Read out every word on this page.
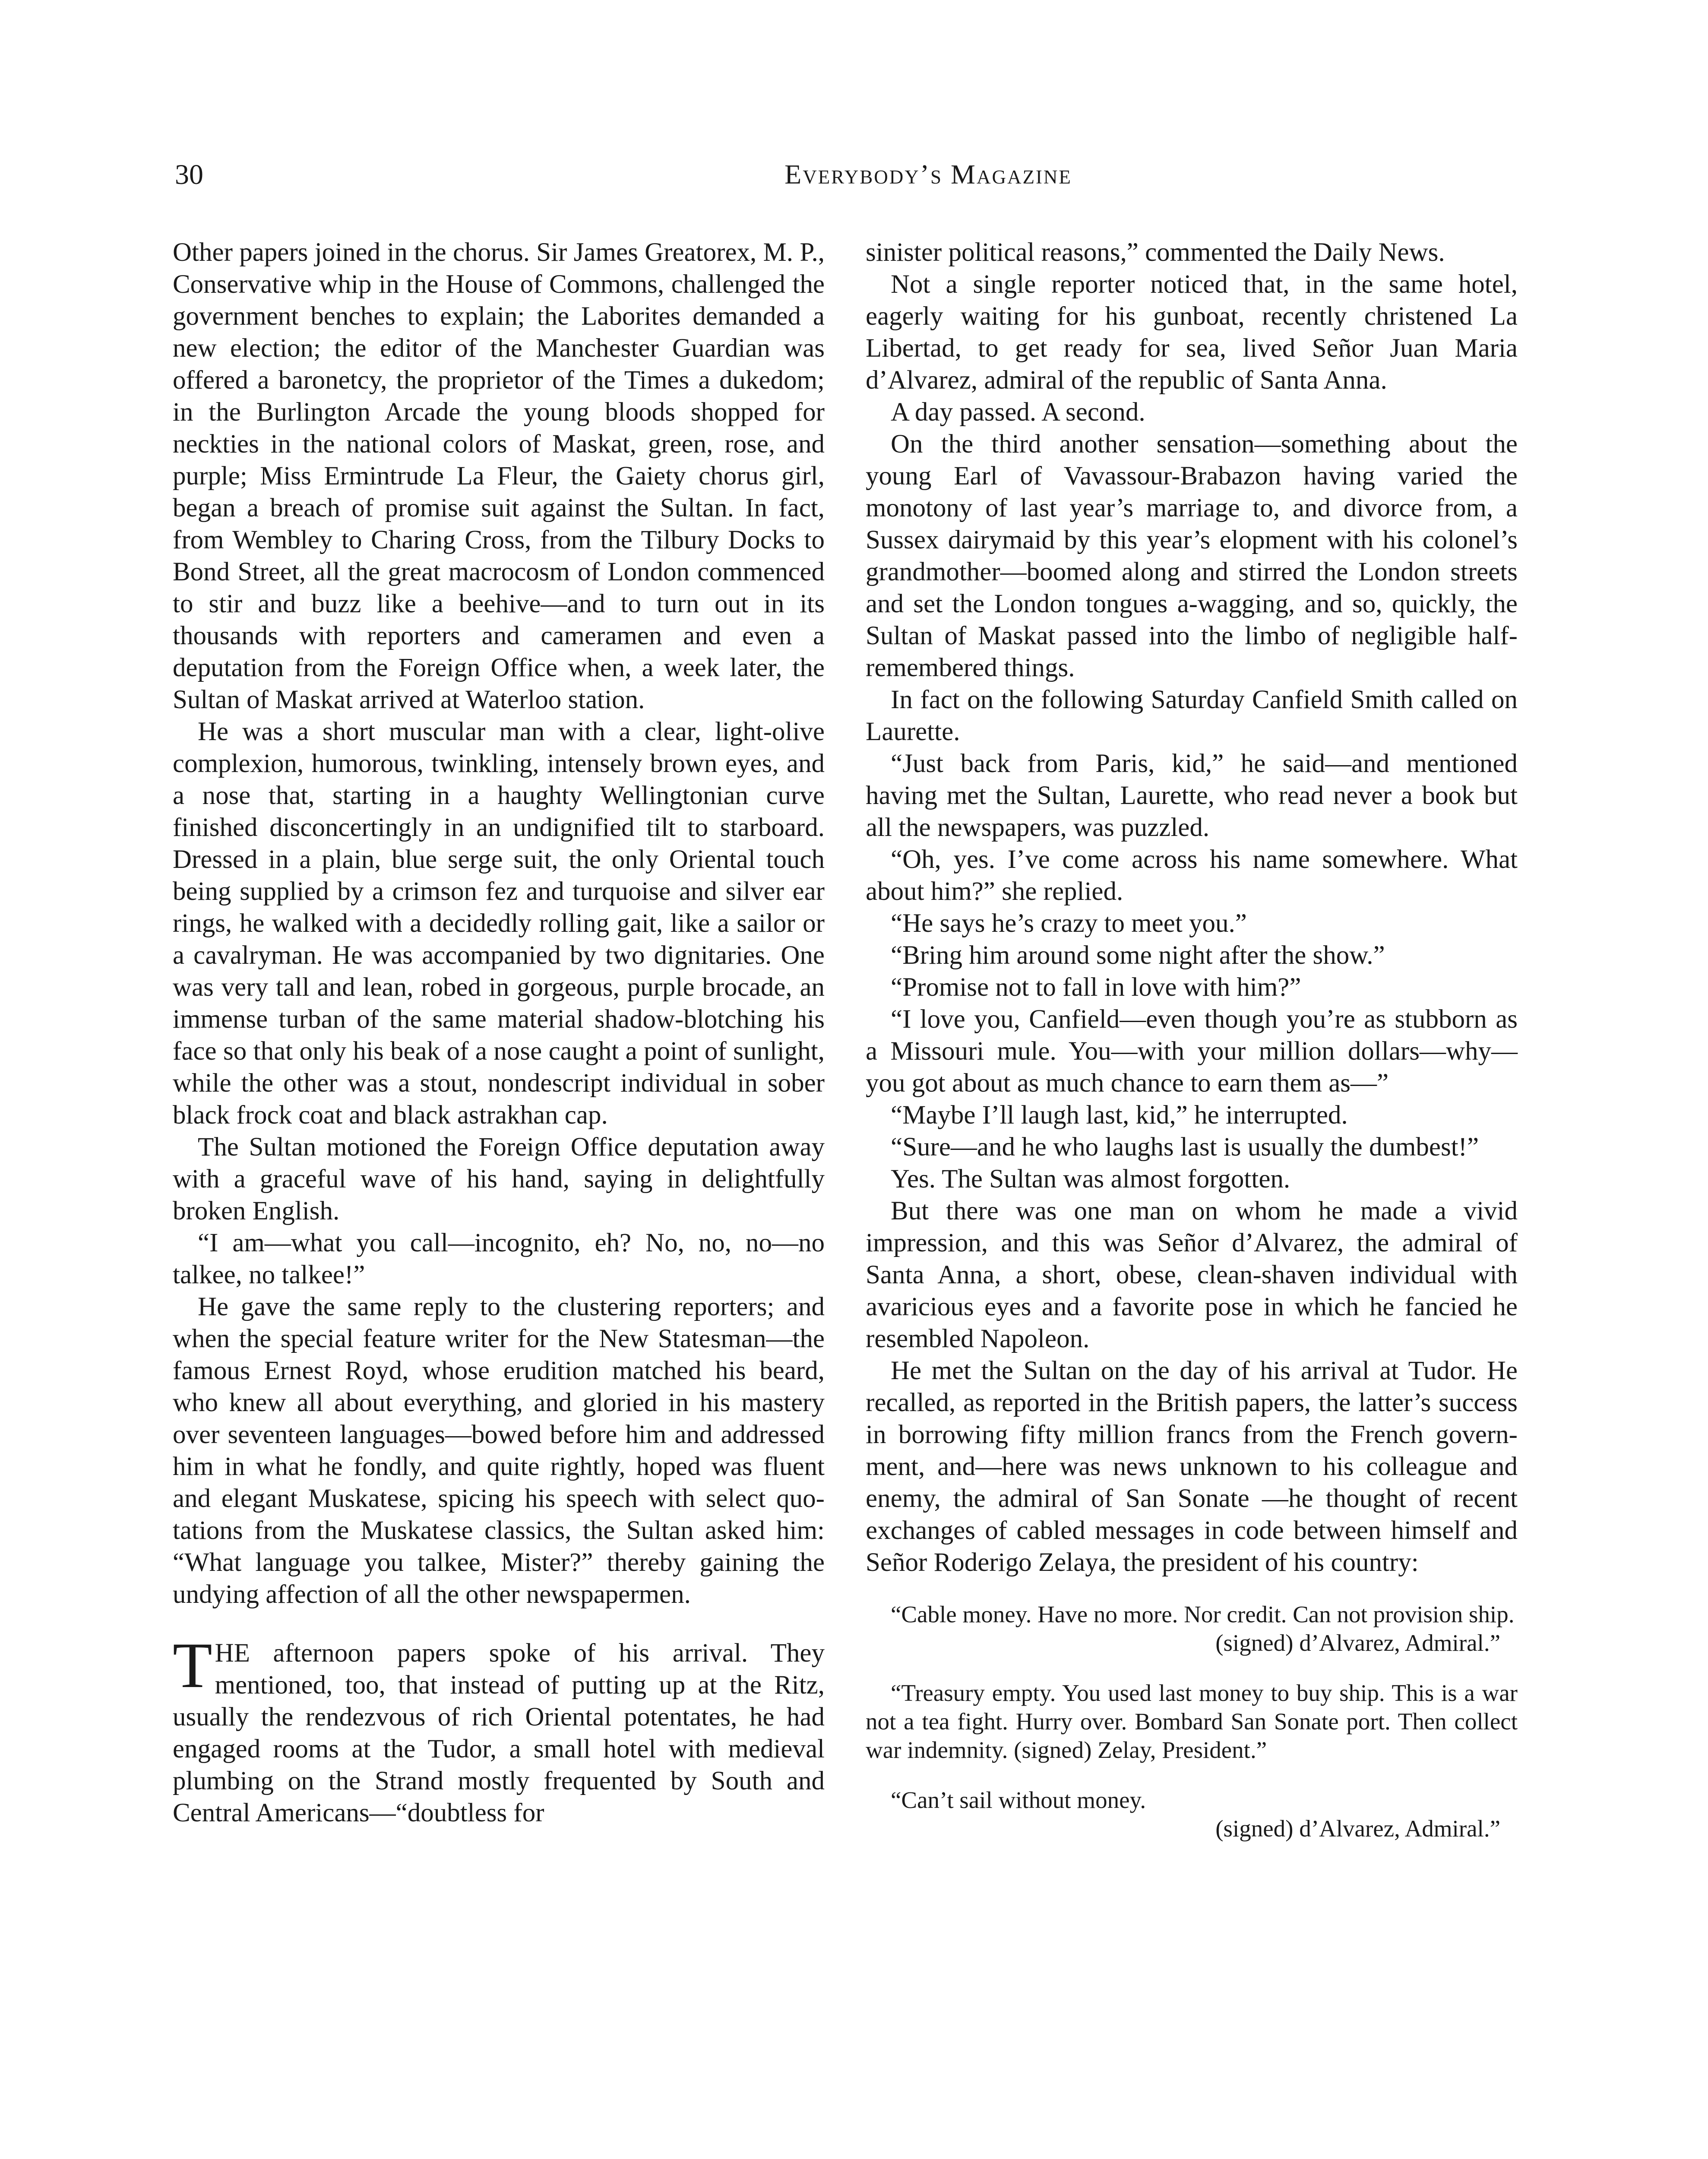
30	Everybody’s Magazine

Other papers joined in the chorus. Sir James Greatorex, M. P., Conservative whip in the House of Commons, challenged the government benches to explain; the Laborites demanded a new election; the editor of the Manchester Guardian was offered a baronetcy, the proprietor of the Times a dukedom; in the Burlington Arcade the young bloods shopped for neckties in the national colors of Maskat, green, rose, and purple; Miss Ermintrude La Fleur, the Gaiety chorus girl, began a breach of promise suit against the Sultan. In fact, from Wembley to Charing Cross, from the Tilbury Docks to Bond Street, all the great macrocosm of London commenced to stir and buzz like a beehive—and to turn out in its thousands with reporters and cameramen and even a deputation from the Foreign Office when, a week later, the Sultan of Maskat arrived at Waterloo station.

He was a short muscular man with a clear, light-olive complexion, humorous, twinkling, intensely brown eyes, and a nose that, starting in a haughty Wellingtonian curve finished disconcertingly in an undignified tilt to starboard. Dressed in a plain, blue serge suit, the only Oriental touch being supplied by a crimson fez and turquoise and silver ear rings, he walked with a decidedly rolling gait, like a sailor or a cavalryman. He was accompanied by two dignitaries. One was very tall and lean, robed in gorgeous, purple brocade, an immense turban of the same material shadow-blotching his face so that only his beak of a nose caught a point of sunlight, while the other was a stout, nondescript individual in sober black frock coat and black astrakhan cap.

The Sultan motioned the Foreign Office deputation away with a graceful wave of his hand, saying in delightfully broken English.

“I am—what you call—incognito, eh? No, no, no—no talkee, no talkee!”

He gave the same reply to the clustering reporters; and when the special feature writer for the New Statesman—the famous Ernest Royd, whose erudition matched his beard, who knew all about everything, and gloried in his mastery over seventeen languages—bowed before him and addressed him in what he fondly, and quite rightly, hoped was fluent and elegant Muskatese, spicing his speech with select quotations from the Muskatese classics, the Sultan asked him: “What language you talkee, Mister?” thereby gaining the undying affection of all the other newspapermen.

THE afternoon papers spoke of his arrival. They mentioned, too, that instead of putting up at the Ritz, usually the rendezvous of rich Oriental potentates, he had engaged rooms at the Tudor, a small hotel with medieval plumbing on the Strand mostly frequented by South and Central Americans—“doubtless for

sinister political reasons,” commented the Daily News.

Not a single reporter noticed that, in the same hotel, eagerly waiting for his gunboat, recently christened La Libertad, to get ready for sea, lived Señor Juan Maria d’Alvarez, admiral of the republic of Santa Anna.

A day passed. A second.

On the third another sensation—something about the young Earl of Vavassour-Brabazon having varied the monotony of last year’s marriage to, and divorce from, a Sussex dairymaid by this year’s elopment with his colonel’s grandmother—boomed along and stirred the London streets and set the London tongues a-wagging, and so, quickly, the Sultan of Maskat passed into the limbo of negligible half-remembered things.

In fact on the following Saturday Canfield Smith called on Laurette.

“Just back from Paris, kid,” he said—and mentioned having met the Sultan, Laurette, who read never a book but all the newspapers, was puzzled.

“Oh, yes. I’ve come across his name somewhere. What about him?” she replied.

“He says he’s crazy to meet you.”

“Bring him around some night after the show.”

“Promise not to fall in love with him?”

“I love you, Canfield—even though you’re as stubborn as a Missouri mule. You—with your million dollars—why—you got about as much chance to earn them as—”

“Maybe I’ll laugh last, kid,” he interrupted.

“Sure—and he who laughs last is usually the dumbest!”

Yes. The Sultan was almost forgotten.

But there was one man on whom he made a vivid impression, and this was Señor d’Alvarez, the admiral of Santa Anna, a short, obese, clean-shaven individual with avaricious eyes and a favorite pose in which he fancied he resembled Napoleon.

He met the Sultan on the day of his arrival at Tudor. He recalled, as reported in the British papers, the latter’s success in borrowing fifty million francs from the French government, and—here was news unknown to his colleague and enemy, the admiral of San Sonate —he thought of recent exchanges of cabled messages in code between himself and Señor Roderigo Zelaya, the president of his country:

“Cable money. Have no more. Nor credit. Can not provision ship.

(signed) d’Alvarez, Admiral.”

“Treasury empty. You used last money to buy ship. This is a war not a tea fight. Hurry over. Bombard San Sonate port. Then collect war indemnity. (signed) Zelay, President.”

“Can’t sail without money.

(signed) d’Alvarez, Admiral.”
